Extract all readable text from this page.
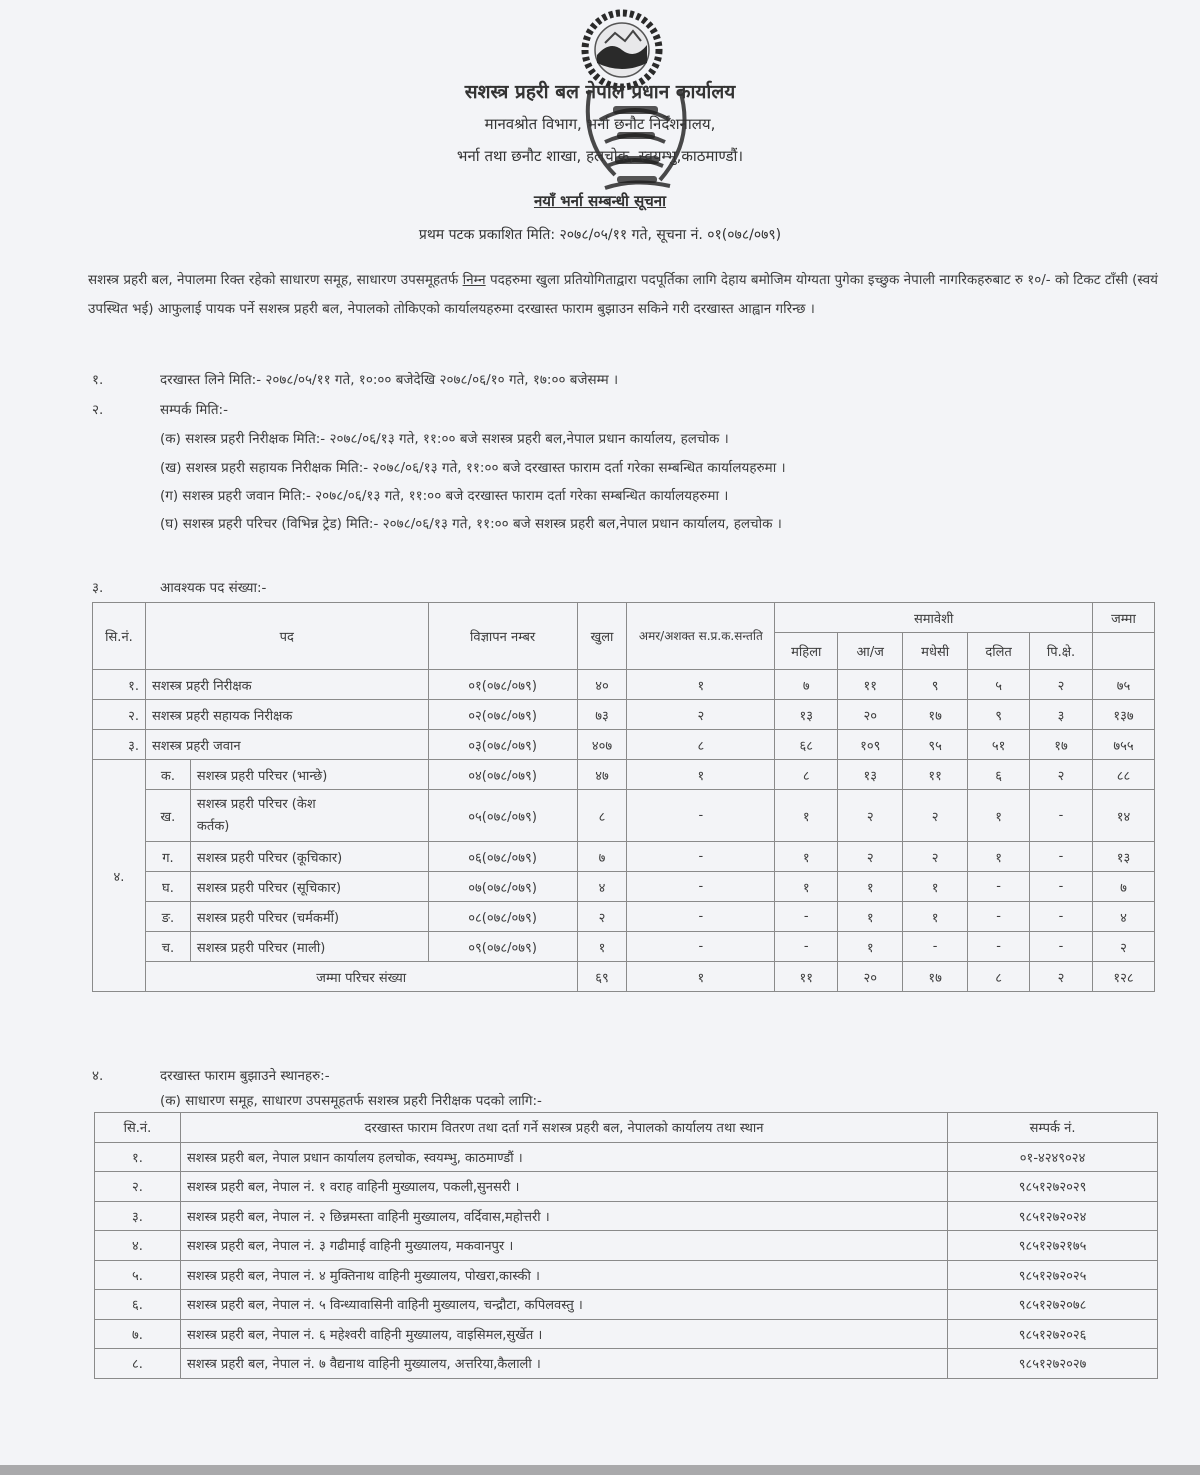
सशस्त्र प्रहरी बल नेपाल प्रधान कार्यालय
मानवश्रोत विभाग, भर्ना छनौट निर्देशनालय,
भर्ना तथा छनौट शाखा, हलचोक, स्वयम्भु,काठमाण्डौं।
नयाँ भर्ना सम्बन्धी सूचना
प्रथम पटक प्रकाशित मिति: २०७८/०५/११ गते, सूचना नं. ०१(०७८/०७९)
सशस्त्र प्रहरी बल, नेपालमा रिक्त रहेको साधारण समूह, साधारण उपसमूहतर्फ निम्न पदहरुमा खुला प्रतियोगिताद्वारा पदपूर्तिका लागि देहाय बमोजिम योग्यता पुगेका इच्छुक नेपाली नागरिकहरुबाट रु १०/- को टिकट टाँसी (स्वयं उपस्थित भई) आफुलाई पायक पर्ने सशस्त्र प्रहरी बल, नेपालको तोकिएको कार्यालयहरुमा दरखास्त फाराम बुझाउन सकिने गरी दरखास्त आह्वान गरिन्छ ।
१.	दरखास्त लिने मिति:- २०७८/०५/११ गते, १०:०० बजेदेखि २०७८/०६/१० गते, १७:०० बजेसम्म ।
२.	सम्पर्क मिति:-
(क) सशस्त्र प्रहरी निरीक्षक मिति:- २०७८/०६/१३ गते, ११:०० बजे सशस्त्र प्रहरी बल,नेपाल प्रधान कार्यालय, हलचोक ।
(ख) सशस्त्र प्रहरी सहायक निरीक्षक मिति:- २०७८/०६/१३ गते, ११:०० बजे दरखास्त फाराम दर्ता गरेका सम्बन्धित कार्यालयहरुमा ।
(ग) सशस्त्र प्रहरी जवान मिति:- २०७८/०६/१३ गते, ११:०० बजे दरखास्त फाराम दर्ता गरेका सम्बन्धित कार्यालयहरुमा ।
(घ) सशस्त्र प्रहरी परिचर (विभिन्न ट्रेड) मिति:- २०७८/०६/१३ गते, ११:०० बजे सशस्त्र प्रहरी बल,नेपाल प्रधान कार्यालय, हलचोक ।
३.	आवश्यक पद संख्या:-
सि.नं.	पद		विज्ञापन नम्बर	खुला	अमर/अशक्त स.प्र.क.सन्तति	समावेशी					जम्मा
						महिला	आ/ज	मधेसी	दलित	पि.क्षे.	
१.	सशस्त्र प्रहरी निरीक्षक		०१(०७८/०७९)	४०	१	७	११	९	५	२	७५
२.	सशस्त्र प्रहरी सहायक निरीक्षक		०२(०७८/०७९)	७३	२	१३	२०	१७	९	३	१३७
३.	सशस्त्र प्रहरी जवान		०३(०७८/०७९)	४०७	८	६८	१०९	९५	५१	१७	७५५
४.	क.	सशस्त्र प्रहरी परिचर (भान्छे)	०४(०७८/०७९)	४७	१	८	१३	११	६	२	८८
	ख.	सशस्त्र प्रहरी परिचर (केश कर्तक)	०५(०७८/०७९)	८	-	१	२	२	१	-	१४
	ग.	सशस्त्र प्रहरी परिचर (कूचिकार)	०६(०७८/०७९)	७	-	१	२	२	१	-	१३
	घ.	सशस्त्र प्रहरी परिचर (सूचिकार)	०७(०७८/०७९)	४	-	१	१	१	-	-	७
	ङ.	सशस्त्र प्रहरी परिचर (चर्मकर्मी)	०८(०७८/०७९)	२	-	-	१	१	-	-	४
	च.	सशस्त्र प्रहरी परिचर (माली)	०९(०७८/०७९)	१	-	-	१	-	-	-	२
	जम्मा परिचर संख्या			६९	१	११	२०	१७	८	२	१२८
४.	दरखास्त फाराम बुझाउने स्थानहरु:-
(क) साधारण समूह, साधारण उपसमूहतर्फ सशस्त्र प्रहरी निरीक्षक पदको लागि:-
सि.नं.	दरखास्त फाराम वितरण तथा दर्ता गर्ने सशस्त्र प्रहरी बल, नेपालको कार्यालय तथा स्थान	सम्पर्क नं.
१.	सशस्त्र प्रहरी बल, नेपाल प्रधान कार्यालय हलचोक, स्वयम्भु, काठमाण्डौं ।	०१-४२४९०२४
२.	सशस्त्र प्रहरी बल, नेपाल नं. १ वराह वाहिनी मुख्यालय, पकली,सुनसरी ।	९८५१२७२०२९
३.	सशस्त्र प्रहरी बल, नेपाल नं. २ छिन्नमस्ता वाहिनी मुख्यालय, वर्दिवास,महोत्तरी ।	९८५१२७२०२४
४.	सशस्त्र प्रहरी बल, नेपाल नं. ३ गढीमाई वाहिनी मुख्यालय, मकवानपुर ।	९८५१२७२१७५
५.	सशस्त्र प्रहरी बल, नेपाल नं. ४ मुक्तिनाथ वाहिनी मुख्यालय, पोखरा,कास्की ।	९८५१२७२०२५
६.	सशस्त्र प्रहरी बल, नेपाल नं. ५ विन्ध्यावासिनी वाहिनी मुख्यालय, चन्द्रौटा, कपिलवस्तु ।	९८५१२७२०७८
७.	सशस्त्र प्रहरी बल, नेपाल नं. ६ महेश्वरी वाहिनी मुख्यालय, वाइसिमल,सुर्खेत ।	९८५१२७२०२६
८.	सशस्त्र प्रहरी बल, नेपाल नं. ७ वैद्यनाथ वाहिनी मुख्यालय, अत्तरिया,कैलाली ।	९८५१२७२०२७
